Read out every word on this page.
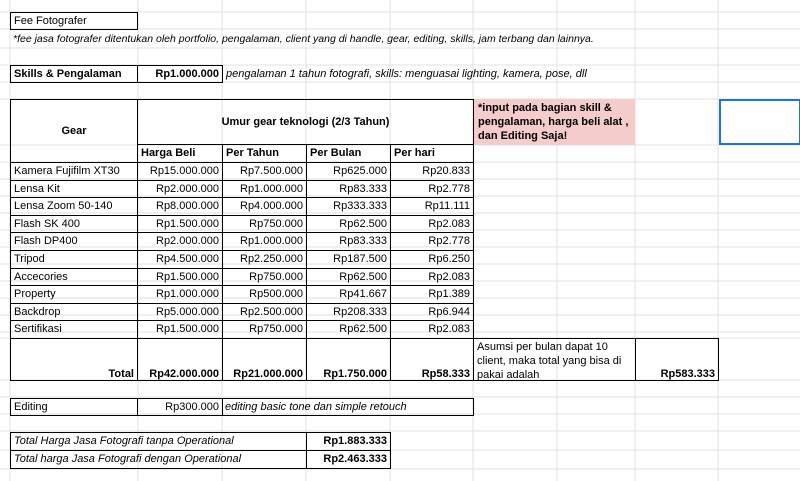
Fee Fotografer
*fee jasa fotografer ditentukan oleh portfolio, pengalaman, client yang di handle, gear, editing, skills, jam terbang dan lainnya.
Skills & Pengalaman	Rp1.000.000 pengalaman 1 tahun fotografi, skills: menguasai lighting, kamera, pose, dll
Gear
Umur gear teknologi (2/3 Tahun)
Harga Beli	Per Tahun	Per Bulan	Per hari
Kamera Fujifilm XT30	Rp15.000.000	Rp7.500.000	Rp625.000	Rp20.833
Lensa Kit	Rp2.000.000	Rp1.000.000	Rp83.333	Rp2.778
Lensa Zoom 50-140	Rp8.000.000	Rp4.000.000	Rp333.333	Rp11.111
Flash SK 400	Rp1.500.000	Rp750.000	Rp62.500	Rp2.083
Flash DP400	Rp2.000.000	Rp1.000.000	Rp83.333	Rp2.778
Tripod	Rp4.500.000	Rp2.250.000	Rp187.500	Rp6.250
Accecories	Rp1.500.000	Rp750.000	Rp62.500	Rp2.083
Property	Rp1.000.000	Rp500.000	Rp41.667	Rp1.389
Backdrop	Rp5.000.000	Rp2.500.000	Rp208.333	Rp6.944
Sertifikasi	Rp1.500.000	Rp750.000	Rp62.500	Rp2.083
Total	Rp42.000.000	Rp21.000.000	Rp1.750.000	Rp58.333
*input pada bagian skill & pengalaman, harga beli alat , dan Editing Saja!
Asumsi per bulan dapat 10 client, maka total yang bisa di pakai adalah	Rp583.333
Editing	Rp300.000 editing basic tone dan simple retouch
Total Harga Jasa Fotografi tanpa Operational	Rp1.883.333
Total harga Jasa Fotografi dengan Operational	Rp2.463.333
